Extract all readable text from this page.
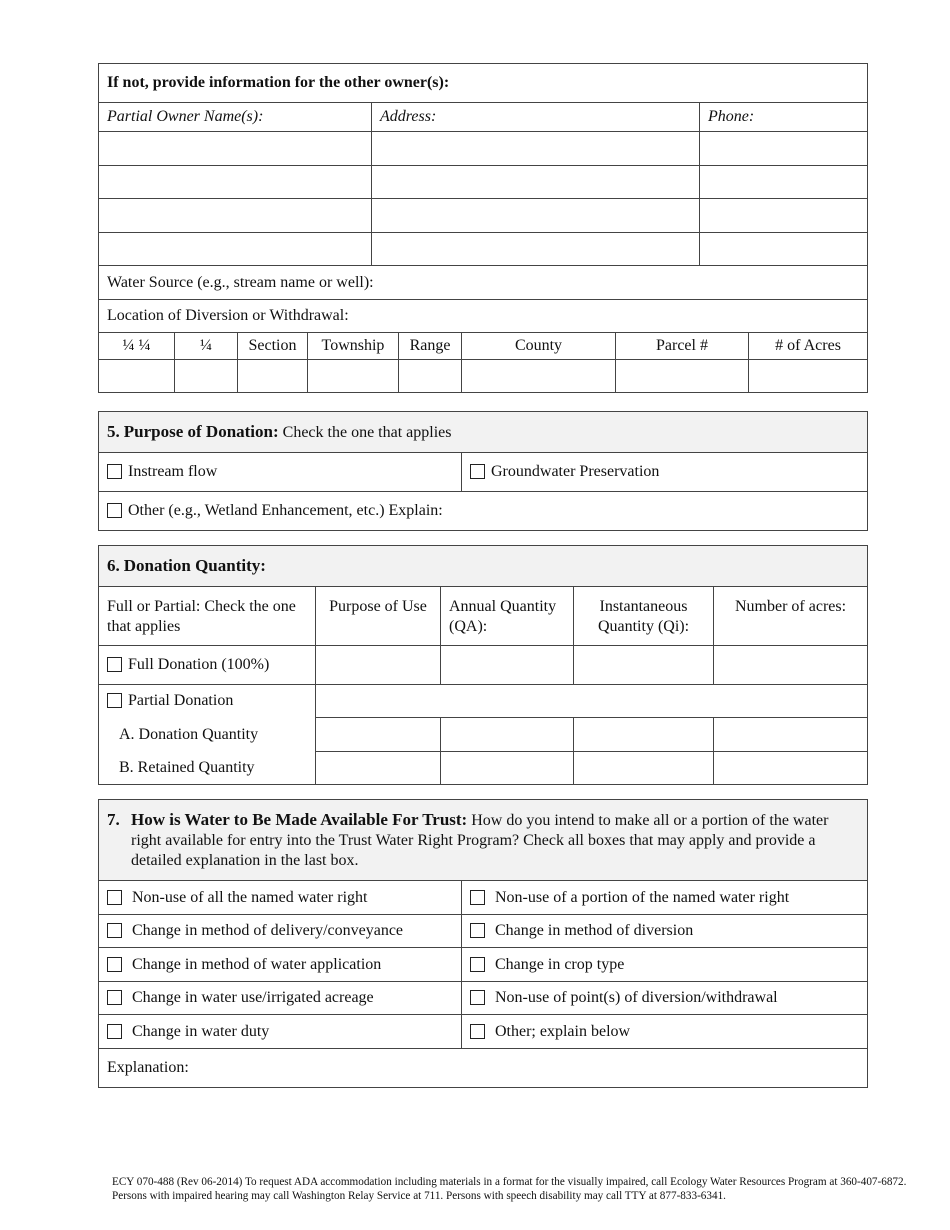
If not, provide information for the other owner(s):									
Partial Owner Name(s):				Address:				Phone:	

Water Source (e.g., stream name or well):									
Location of Diversion or Withdrawal:									
¼ ¼	¼	Section	Township		Range	County	Parcel #		# of Acres

5. Purpose of Donation: Check the one that applies
Instream flow	Groundwater Preservation
Other (e.g., Wetland Enhancement, etc.) Explain:
6. Donation Quantity:				
Full or Partial: Check the one that applies	Purpose of Use	Annual Quantity (QA):	Instantaneous Quantity (Qi):	Number of acres:
Full Donation (100%)				
Partial Donation				
A. Donation Quantity				
B. Retained Quantity				
7. How is Water to Be Made Available For Trust: How do you intend to make all or a portion of the water right available for entry into the Trust Water Right Program? Check all boxes that may apply and provide a detailed explanation in the last box.	

Non-use of all the named water right	Non-use of a portion of the named water right
Change in method of delivery/conveyance	Change in method of diversion
Change in method of water application	Change in crop type
Change in water use/irrigated acreage	Non-use of point(s) of diversion/withdrawal
Change in water duty	Other; explain below
Explanation:	
ECY 070-488 (Rev 06-2014) To request ADA accommodation including materials in a format for the visually impaired, call Ecology Water Resources Program at 360-407-6872. Persons with impaired hearing may call Washington Relay Service at 711. Persons with speech disability may call TTY at 877-833-6341.
